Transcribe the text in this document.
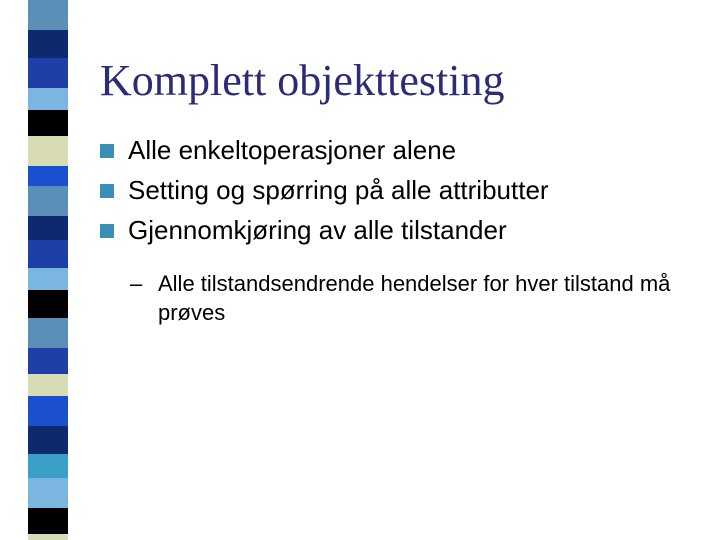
Komplett objekttesting
Alle enkeltoperasjoner alene
Setting og spørring på alle attributter
Gjennomkjøring av alle tilstander
– Alle tilstandsendrende hendelser for hver tilstand må prøves
